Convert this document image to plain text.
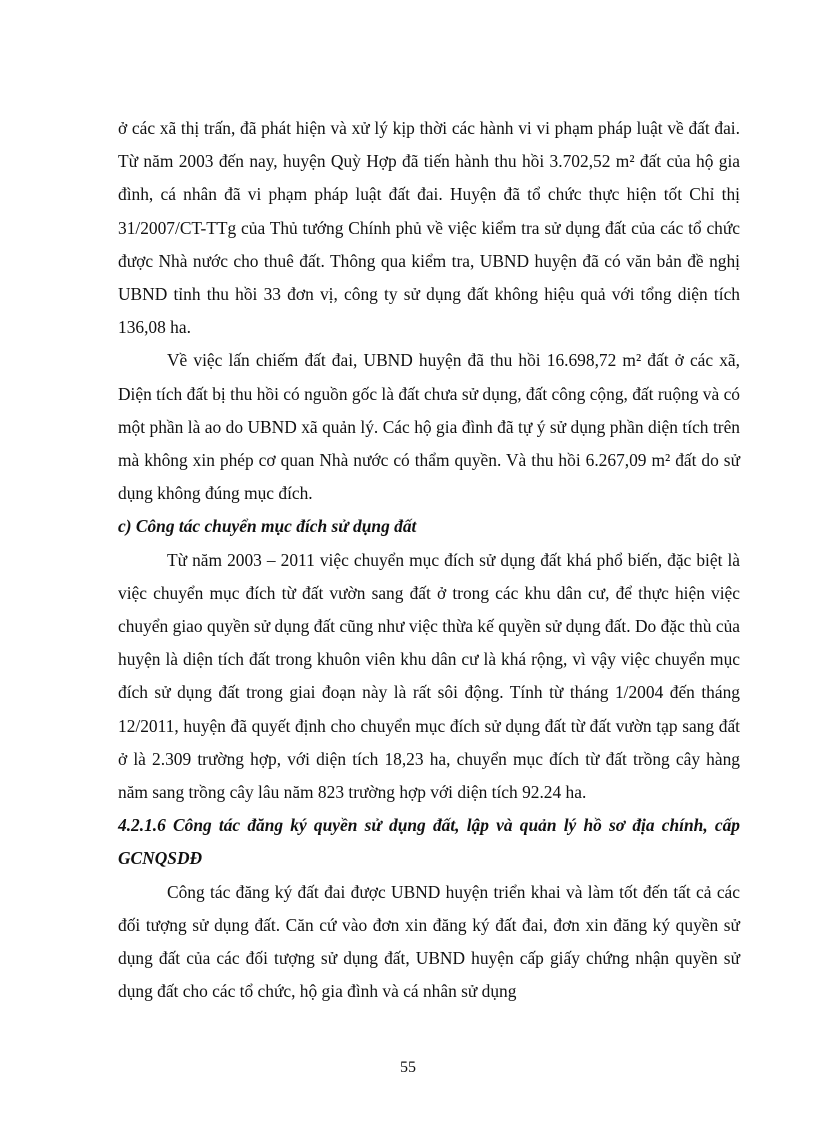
ở các xã thị trấn, đã phát hiện và xử lý kịp thời các hành vi vi phạm pháp luật về đất đai. Từ năm 2003 đến nay, huyện Quỳ Hợp đã tiến hành thu hồi 3.702,52 m² đất của hộ gia đình, cá nhân đã vi phạm pháp luật đất đai. Huyện đã tổ chức thực hiện tốt Chỉ thị 31/2007/CT-TTg của Thủ tướng Chính phủ về việc kiểm tra sử dụng đất của các tổ chức được Nhà nước cho thuê đất. Thông qua kiểm tra, UBND huyện đã có văn bản đề nghị UBND tỉnh thu hồi 33 đơn vị, công ty sử dụng đất không hiệu quả với tổng diện tích 136,08 ha.

Về việc lấn chiếm đất đai, UBND huyện đã thu hồi 16.698,72 m² đất ở các xã, Diện tích đất bị thu hồi có nguồn gốc là đất chưa sử dụng, đất công cộng, đất ruộng và có một phần là ao do UBND xã quản lý. Các hộ gia đình đã tự ý sử dụng phần diện tích trên mà không xin phép cơ quan Nhà nước có thẩm quyền. Và thu hồi 6.267,09 m² đất do sử dụng không đúng mục đích.

c) Công tác chuyển mục đích sử dụng đất

Từ năm 2003 – 2011 việc chuyển mục đích sử dụng đất khá phổ biến, đặc biệt là việc chuyển mục đích từ đất vườn sang đất ở trong các khu dân cư, để thực hiện việc chuyển giao quyền sử dụng đất cũng như việc thừa kế quyền sử dụng đất. Do đặc thù của huyện là diện tích đất trong khuôn viên khu dân cư là khá rộng, vì vậy việc chuyển mục đích sử dụng đất trong giai đoạn này là rất sôi động. Tính từ tháng 1/2004 đến tháng 12/2011, huyện đã quyết định cho chuyển mục đích sử dụng đất từ đất vườn tạp sang đất ở là 2.309 trường hợp, với diện tích 18,23 ha, chuyển mục đích từ đất trồng cây hàng năm sang trồng cây lâu năm 823 trường hợp với diện tích 92.24 ha.

4.2.1.6 Công tác đăng ký quyền sử dụng đất, lập và quản lý hồ sơ địa chính, cấp GCNQSDĐ

Công tác đăng ký đất đai được UBND huyện triển khai và làm tốt đến tất cả các đối tượng sử dụng đất. Căn cứ vào đơn xin đăng ký đất đai, đơn xin đăng ký quyền sử dụng đất của các đối tượng sử dụng đất, UBND huyện cấp giấy chứng nhận quyền sử dụng đất cho các tổ chức, hộ gia đình và cá nhân sử dụng

55
